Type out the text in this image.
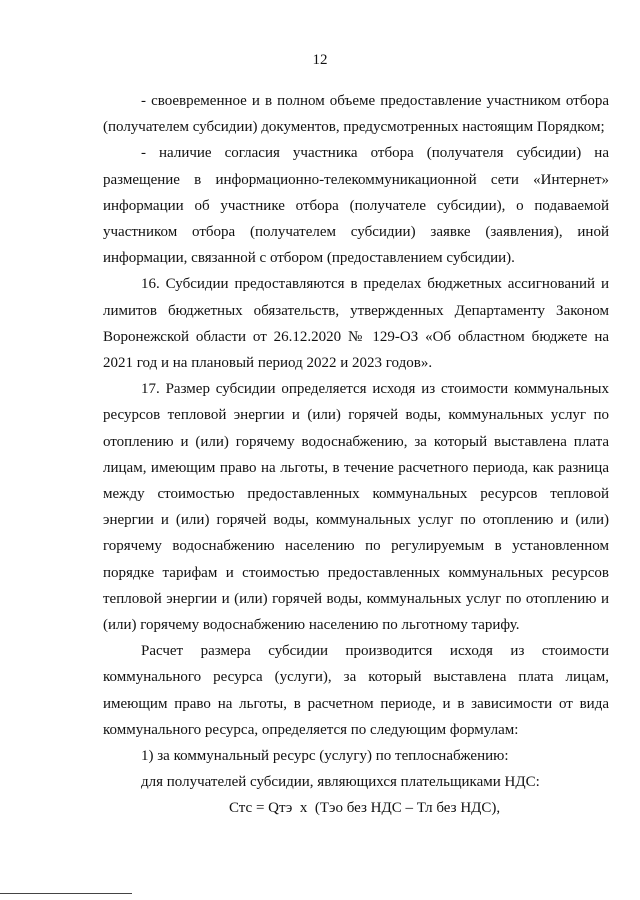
12

- своевременное и в полном объеме предоставление участником отбора (получателем субсидии) документов, предусмотренных настоящим Порядком;

- наличие согласия участника отбора (получателя субсидии) на размещение в информационно-телекоммуникационной сети «Интернет» информации об участнике отбора (получателе субсидии), о подаваемой участником отбора (получателем субсидии) заявке (заявления), иной информации, связанной с отбором (предоставлением субсидии).

16. Субсидии предоставляются в пределах бюджетных ассигнований и лимитов бюджетных обязательств, утвержденных Департаменту Законом Воронежской области от 26.12.2020 № 129-ОЗ «Об областном бюджете на 2021 год и на плановый период 2022 и 2023 годов».

17. Размер субсидии определяется исходя из стоимости коммунальных ресурсов тепловой энергии и (или) горячей воды, коммунальных услуг по отоплению и (или) горячему водоснабжению, за который выставлена плата лицам, имеющим право на льготы, в течение расчетного периода, как разница между стоимостью предоставленных коммунальных ресурсов тепловой энергии и (или) горячей воды, коммунальных услуг по отоплению и (или) горячему водоснабжению населению по регулируемым в установленном порядке тарифам и стоимостью предоставленных коммунальных ресурсов тепловой энергии и (или) горячей воды, коммунальных услуг по отоплению и (или) горячему водоснабжению населению по льготному тарифу.

Расчет размера субсидии производится исходя из стоимости коммунального ресурса (услуги), за который выставлена плата лицам, имеющим право на льготы, в расчетном периоде, и в зависимости от вида коммунального ресурса, определяется по следующим формулам:

1) за коммунальный ресурс (услугу) по теплоснабжению:

для получателей субсидии, являющихся плательщиками НДС:

Стс = Qтэ  х  (Тэо без НДС – Тл без НДС),
